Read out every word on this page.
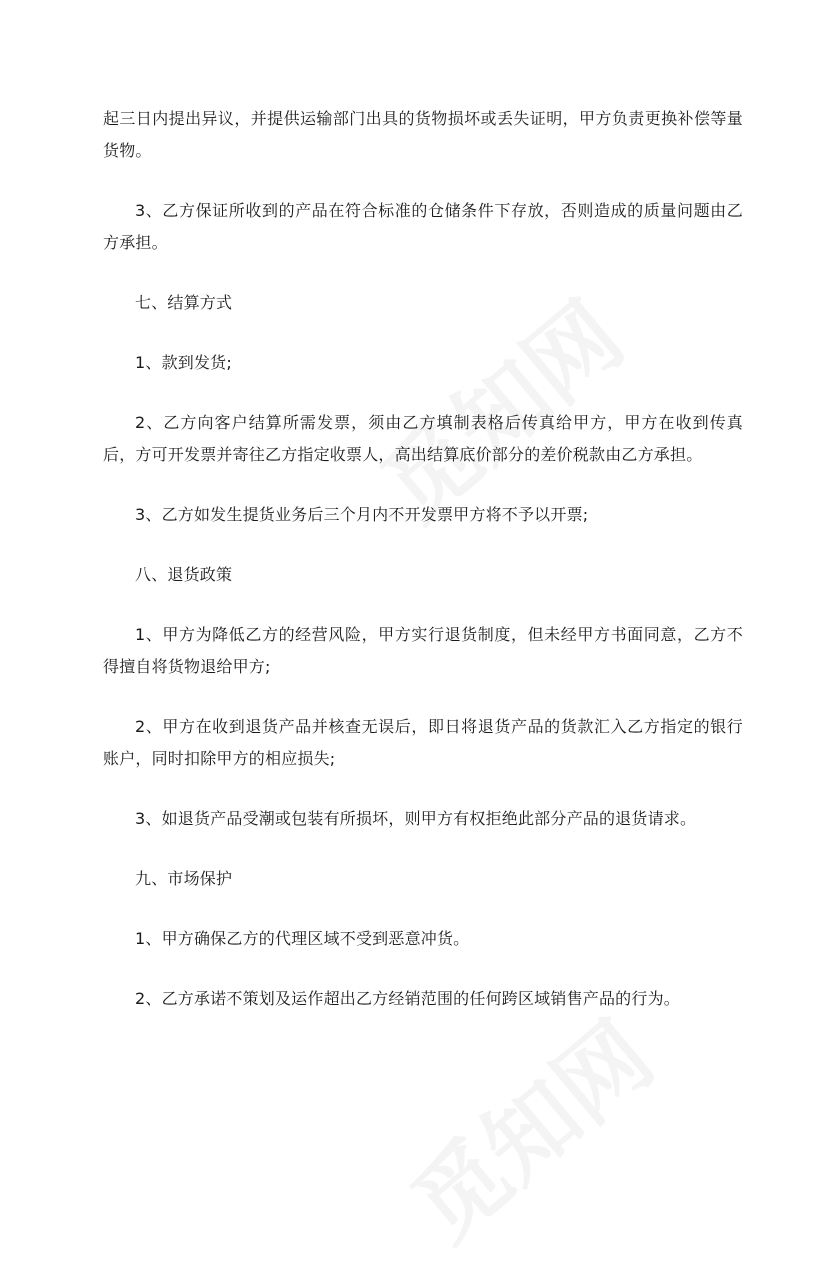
起三日内提出异议，并提供运输部门出具的货物损坏或丢失证明，甲方负责更换补偿等量货物。

3、乙方保证所收到的产品在符合标准的仓储条件下存放，否则造成的质量问题由乙方承担。

七、结算方式

1、款到发货;

2、乙方向客户结算所需发票，须由乙方填制表格后传真给甲方，甲方在收到传真后，方可开发票并寄往乙方指定收票人，高出结算底价部分的差价税款由乙方承担。

3、乙方如发生提货业务后三个月内不开发票甲方将不予以开票;

八、退货政策

1、甲方为降低乙方的经营风险，甲方实行退货制度，但未经甲方书面同意，乙方不得擅自将货物退给甲方;

2、甲方在收到退货产品并核查无误后，即日将退货产品的货款汇入乙方指定的银行账户，同时扣除甲方的相应损失;

3、如退货产品受潮或包装有所损坏，则甲方有权拒绝此部分产品的退货请求。

九、市场保护

1、甲方确保乙方的代理区域不受到恶意冲货。

2、乙方承诺不策划及运作超出乙方经销范围的任何跨区域销售产品的行为。
